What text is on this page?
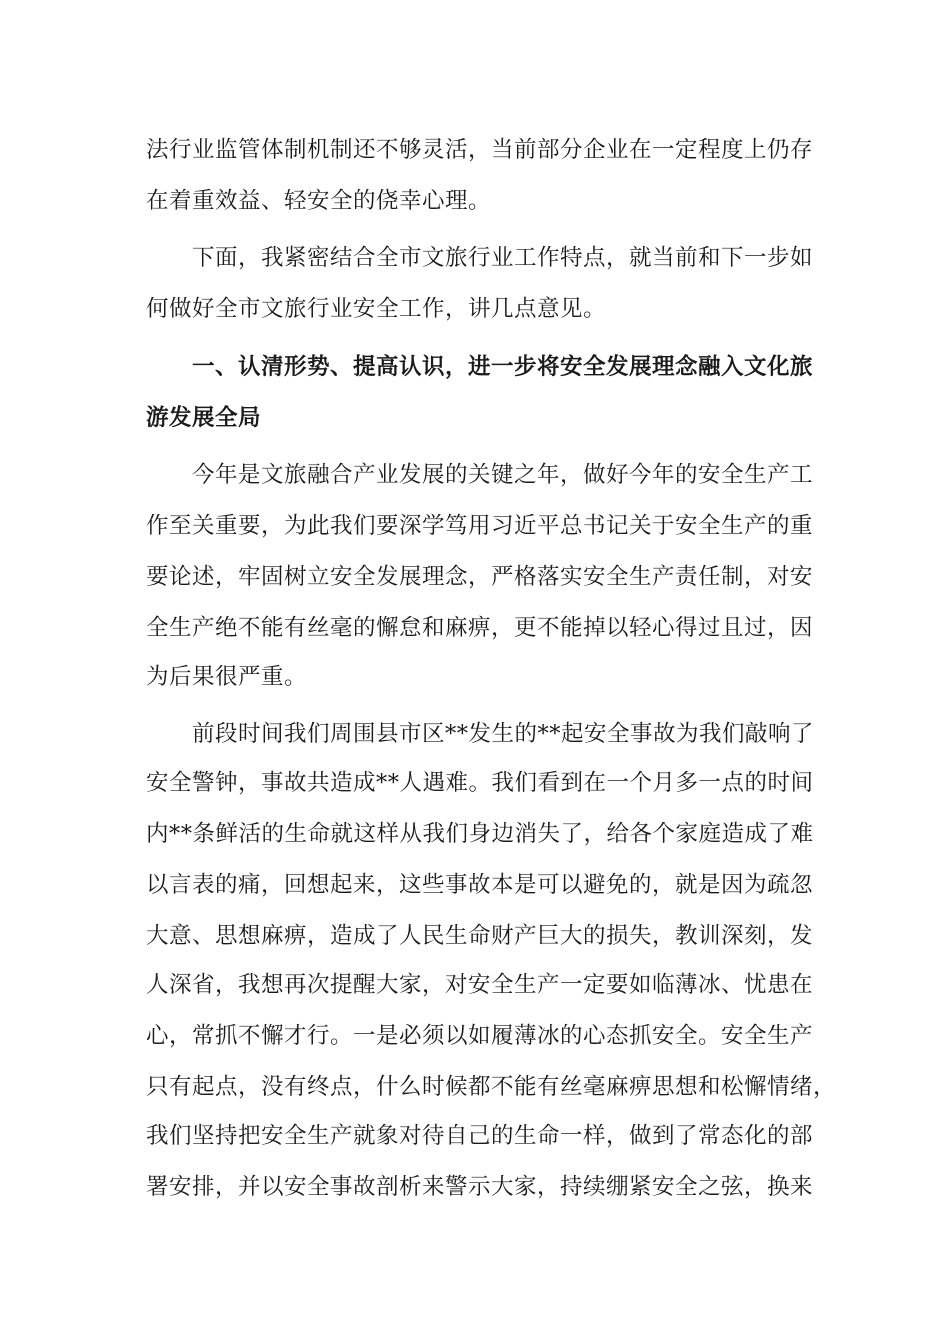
法行业监管体制机制还不够灵活，当前部分企业在一定程度上仍存
在着重效益、轻安全的侥幸心理。
下面，我紧密结合全市文旅行业工作特点，就当前和下一步如
何做好全市文旅行业安全工作，讲几点意见。
一、认清形势、提高认识，进一步将安全发展理念融入文化旅
游发展全局
今年是文旅融合产业发展的关键之年，做好今年的安全生产工
作至关重要，为此我们要深学笃用习近平总书记关于安全生产的重
要论述，牢固树立安全发展理念，严格落实安全生产责任制，对安
全生产绝不能有丝毫的懈怠和麻痹，更不能掉以轻心得过且过，因
为后果很严重。
前段时间我们周围县市区**发生的**起安全事故为我们敲响了
安全警钟，事故共造成**人遇难。我们看到在一个月多一点的时间
内**条鲜活的生命就这样从我们身边消失了，给各个家庭造成了难
以言表的痛，回想起来，这些事故本是可以避免的，就是因为疏忽
大意、思想麻痹，造成了人民生命财产巨大的损失，教训深刻，发
人深省，我想再次提醒大家，对安全生产一定要如临薄冰、忧患在
心，常抓不懈才行。一是必须以如履薄冰的心态抓安全。安全生产
只有起点，没有终点，什么时候都不能有丝毫麻痹思想和松懈情绪，
我们坚持把安全生产就象对待自己的生命一样，做到了常态化的部
署安排，并以安全事故剖析来警示大家，持续绷紧安全之弦，换来
